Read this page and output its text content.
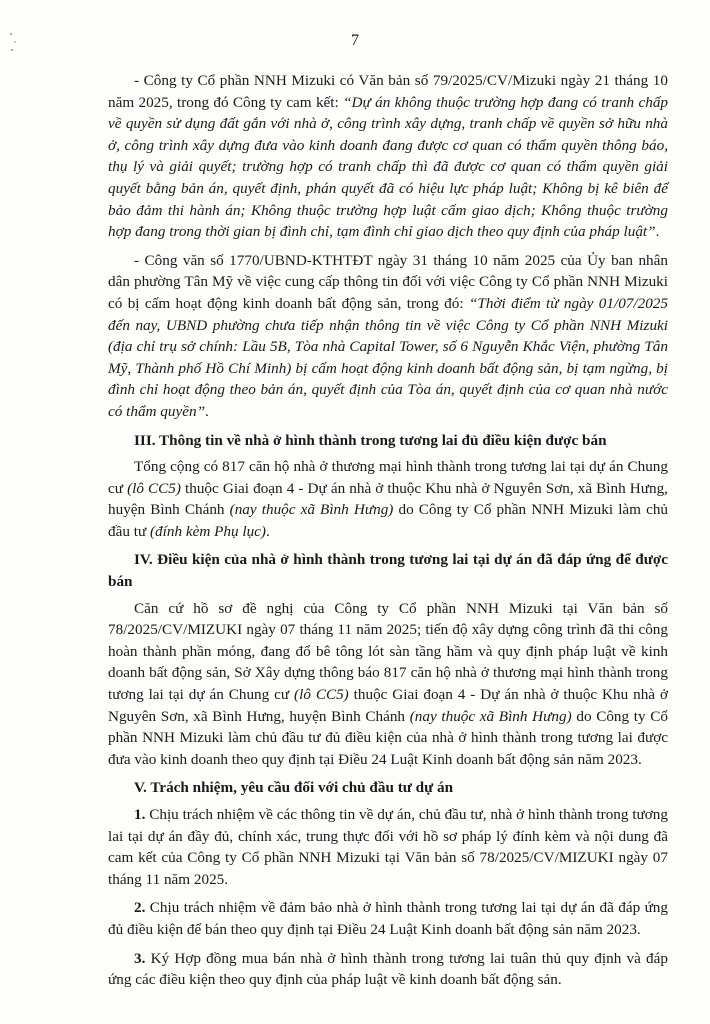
7

- Công ty Cổ phần NNH Mizuki có Văn bản số 79/2025/CV/Mizuki ngày 21 tháng 10 năm 2025, trong đó Công ty cam kết: “Dự án không thuộc trường hợp đang có tranh chấp về quyền sử dụng đất gắn với nhà ở, công trình xây dựng, tranh chấp về quyền sở hữu nhà ở, công trình xây dựng đưa vào kinh doanh đang được cơ quan có thẩm quyền thông báo, thụ lý và giải quyết; trường hợp có tranh chấp thì đã được cơ quan có thẩm quyền giải quyết bằng bản án, quyết định, phán quyết đã có hiệu lực pháp luật; Không bị kê biên để bảo đảm thi hành án; Không thuộc trường hợp luật cấm giao dịch; Không thuộc trường hợp đang trong thời gian bị đình chỉ, tạm đình chỉ giao dịch theo quy định của pháp luật”.

- Công văn số 1770/UBND-KTHTĐT ngày 31 tháng 10 năm 2025 của Ủy ban nhân dân phường Tân Mỹ về việc cung cấp thông tin đối với việc Công ty Cổ phần NNH Mizuki có bị cấm hoạt động kinh doanh bất động sản, trong đó: “Thời điểm từ ngày 01/07/2025 đến nay, UBND phường chưa tiếp nhận thông tin về việc Công ty Cổ phần NNH Mizuki (địa chỉ trụ sở chính: Lầu 5B, Tòa nhà Capital Tower, số 6 Nguyễn Khắc Viện, phường Tân Mỹ, Thành phố Hồ Chí Minh) bị cấm hoạt động kinh doanh bất động sản, bị tạm ngừng, bị đình chỉ hoạt động theo bản án, quyết định của Tòa án, quyết định của cơ quan nhà nước có thẩm quyền”.

III. Thông tin về nhà ở hình thành trong tương lai đủ điều kiện được bán

Tổng cộng có 817 căn hộ nhà ở thương mại hình thành trong tương lai tại dự án Chung cư (lô CC5) thuộc Giai đoạn 4 - Dự án nhà ở thuộc Khu nhà ở Nguyên Sơn, xã Bình Hưng, huyện Bình Chánh (nay thuộc xã Bình Hưng) do Công ty Cổ phần NNH Mizuki làm chủ đầu tư (đính kèm Phụ lục).

IV. Điều kiện của nhà ở hình thành trong tương lai tại dự án đã đáp ứng để được bán

Căn cứ hồ sơ đề nghị của Công ty Cổ phần NNH Mizuki tại Văn bản số 78/2025/CV/MIZUKI ngày 07 tháng 11 năm 2025; tiến độ xây dựng công trình đã thi công hoàn thành phần móng, đang đổ bê tông lót sàn tầng hầm và quy định pháp luật về kinh doanh bất động sản, Sở Xây dựng thông báo 817 căn hộ nhà ở thương mại hình thành trong tương lai tại dự án Chung cư (lô CC5) thuộc Giai đoạn 4 - Dự án nhà ở thuộc Khu nhà ở Nguyên Sơn, xã Bình Hưng, huyện Bình Chánh (nay thuộc xã Bình Hưng) do Công ty Cổ phần NNH Mizuki làm chủ đầu tư đủ điều kiện của nhà ở hình thành trong tương lai được đưa vào kinh doanh theo quy định tại Điều 24 Luật Kinh doanh bất động sản năm 2023.

V. Trách nhiệm, yêu cầu đối với chủ đầu tư dự án

1. Chịu trách nhiệm về các thông tin về dự án, chủ đầu tư, nhà ở hình thành trong tương lai tại dự án đầy đủ, chính xác, trung thực đối với hồ sơ pháp lý đính kèm và nội dung đã cam kết của Công ty Cổ phần NNH Mizuki tại Văn bản số 78/2025/CV/MIZUKI ngày 07 tháng 11 năm 2025.

2. Chịu trách nhiệm về đảm bảo nhà ở hình thành trong tương lai tại dự án đã đáp ứng đủ điều kiện để bán theo quy định tại Điều 24 Luật Kinh doanh bất động sản năm 2023.

3. Ký Hợp đồng mua bán nhà ở hình thành trong tương lai tuân thủ quy định và đáp ứng các điều kiện theo quy định của pháp luật về kinh doanh bất động sản.
